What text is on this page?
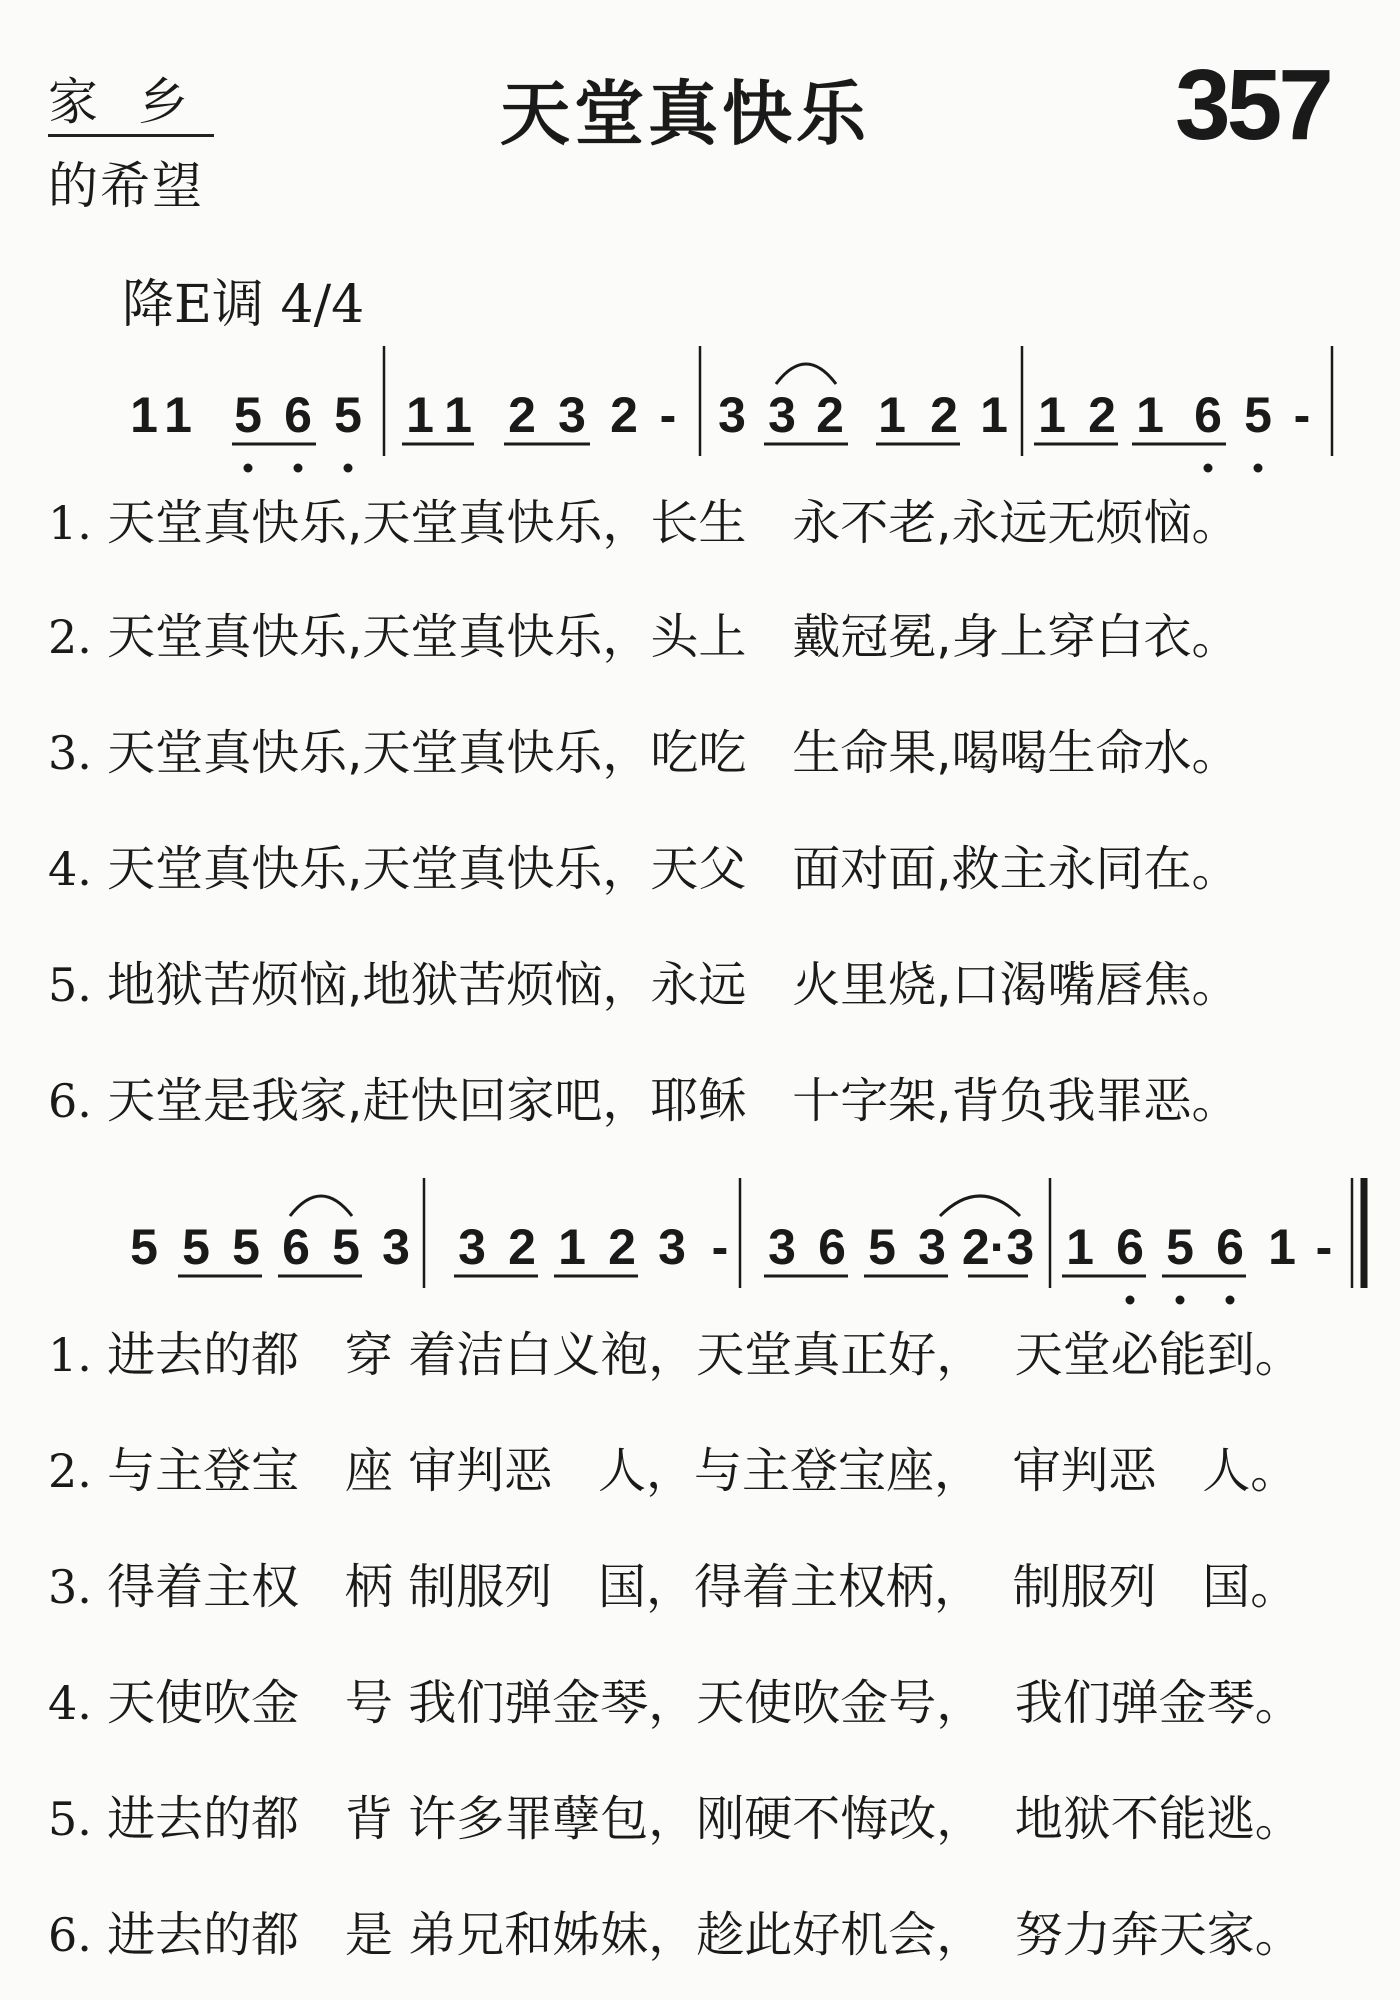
家乡
的希望
天堂真快乐	357
降E调 4/4
1 1 5 6 5 1 1 2 3 2 - 3 3 2 1 2 1 1 2 1 6 5 -
5 5 5 6 5 3 3 2 1 2 3 - 3 6 5 3 2·3 1 6 5 6 1 -
1. 天堂真快乐,天堂真快乐，长生   永不老,永远无烦恼。
2. 天堂真快乐,天堂真快乐，头上   戴冠冕,身上穿白衣。
3. 天堂真快乐,天堂真快乐，吃吃   生命果,喝喝生命水。
4. 天堂真快乐,天堂真快乐，天父   面对面,救主永同在。
5. 地狱苦烦恼,地狱苦烦恼，永远   火里烧,口渴嘴唇焦。
6. 天堂是我家,赶快回家吧，耶稣   十字架,背负我罪恶。
1. 进去的都   穿 着洁白义袍，天堂真正好，  天堂必能到。
2. 与主登宝   座 审判恶   人，与主登宝座，  审判恶   人。
3. 得着主权   柄 制服列   国，得着主权柄，  制服列   国。
4. 天使吹金   号 我们弹金琴，天使吹金号，  我们弹金琴。
5. 进去的都   背 许多罪孽包，刚硬不悔改，  地狱不能逃。
6. 进去的都   是 弟兄和姊妹，趁此好机会，  努力奔天家。
